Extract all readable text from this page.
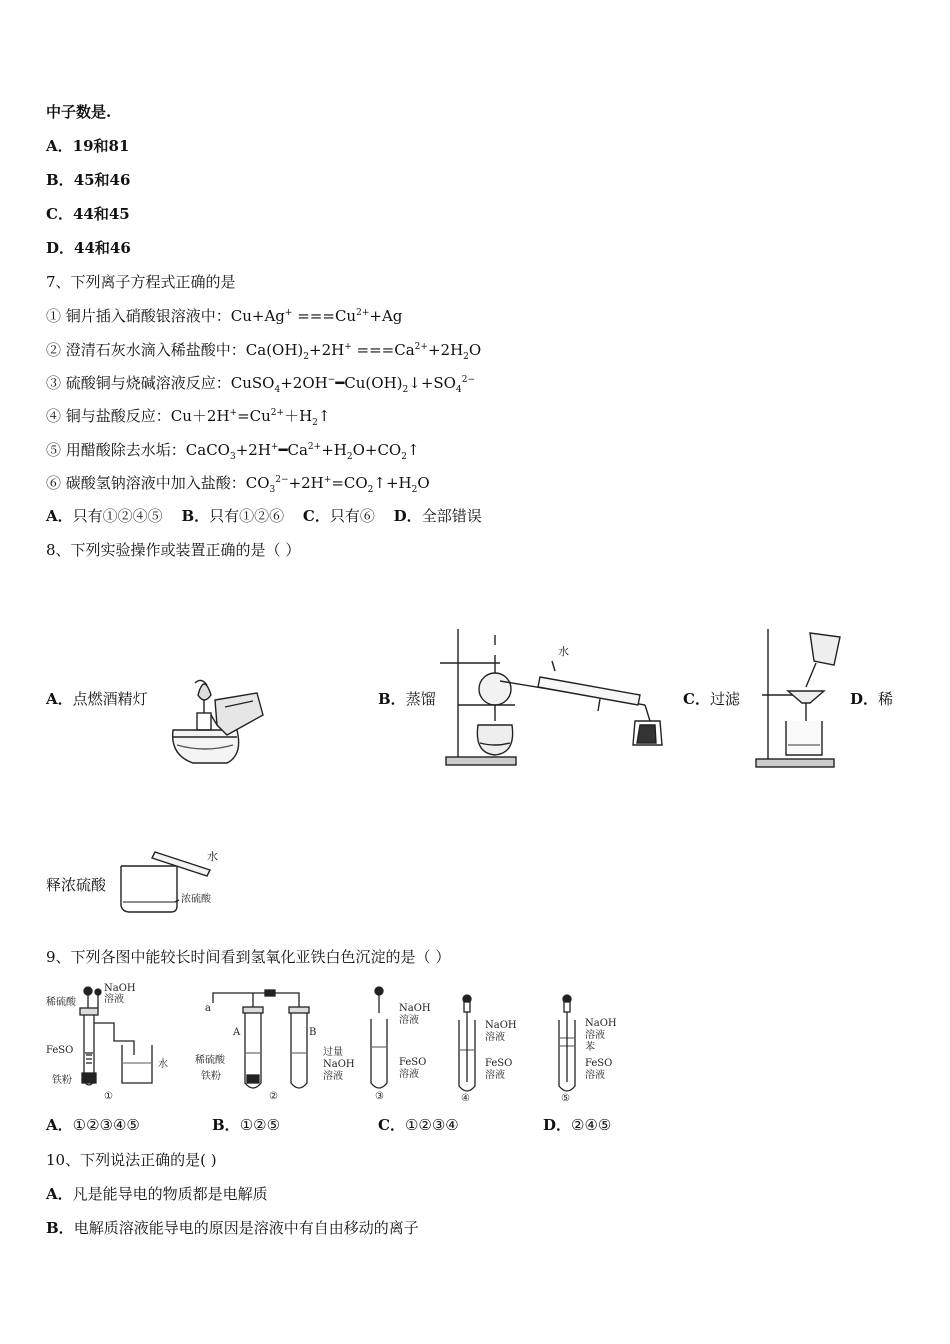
中子数是.
A．19和81
B．45和46
C．44和45
D．44和46
7、下列离子方程式正确的是
① 铜片插入硝酸银溶液中：$Cu+Ag^+ ===Cu^{2+}+Ag$
② 澄清石灰水滴入稀盐酸中：$Ca(OH)_2+2H^+ ===Ca^{2+}+2H_2O$
③ 硫酸铜与烧碱溶液反应：$CuSO_4+2OH^-━Cu(OH)_2↓+SO_4^{2-}$
④ 铜与盐酸反应：$Cu+2H^+=Cu^{2+}+H_2↑$
⑤ 用醋酸除去水垢：$CaCO_3+2H^+━Ca^{2+}+H_2O+CO_2↑$
⑥ 碳酸氢钠溶液中加入盐酸：$CO_3^{2-}+2H^+=CO_2↑+H_2O$
A．只有①②④⑤ B．只有①②⑥ C．只有⑥ D．全部错误
8、下列实验操作或装置正确的是（ ）
A．点燃酒精灯	B．蒸馏	C．过滤	D．稀
释浓硫酸
水
水
浓硫酸
9、下列各图中能较长时间看到氢氧化亚铁白色沉淀的是（ ）
稀硫酸
NaOH
溶液
FeSO
铁粉
水
①
a
A	B
稀硫酸
铁粉
过量
NaOH
溶液
②
NaOH
溶液
FeSO
溶液
③
NaOH
溶液
FeSO
溶液
④
NaOH
溶液
苯
FeSO
溶液
⑤
A．①②③④⑤	B．①②⑤	C．①②③④	D．②④⑤
10、下列说法正确的是( )
A．凡是能导电的物质都是电解质
B．电解质溶液能导电的原因是溶液中有自由移动的离子
